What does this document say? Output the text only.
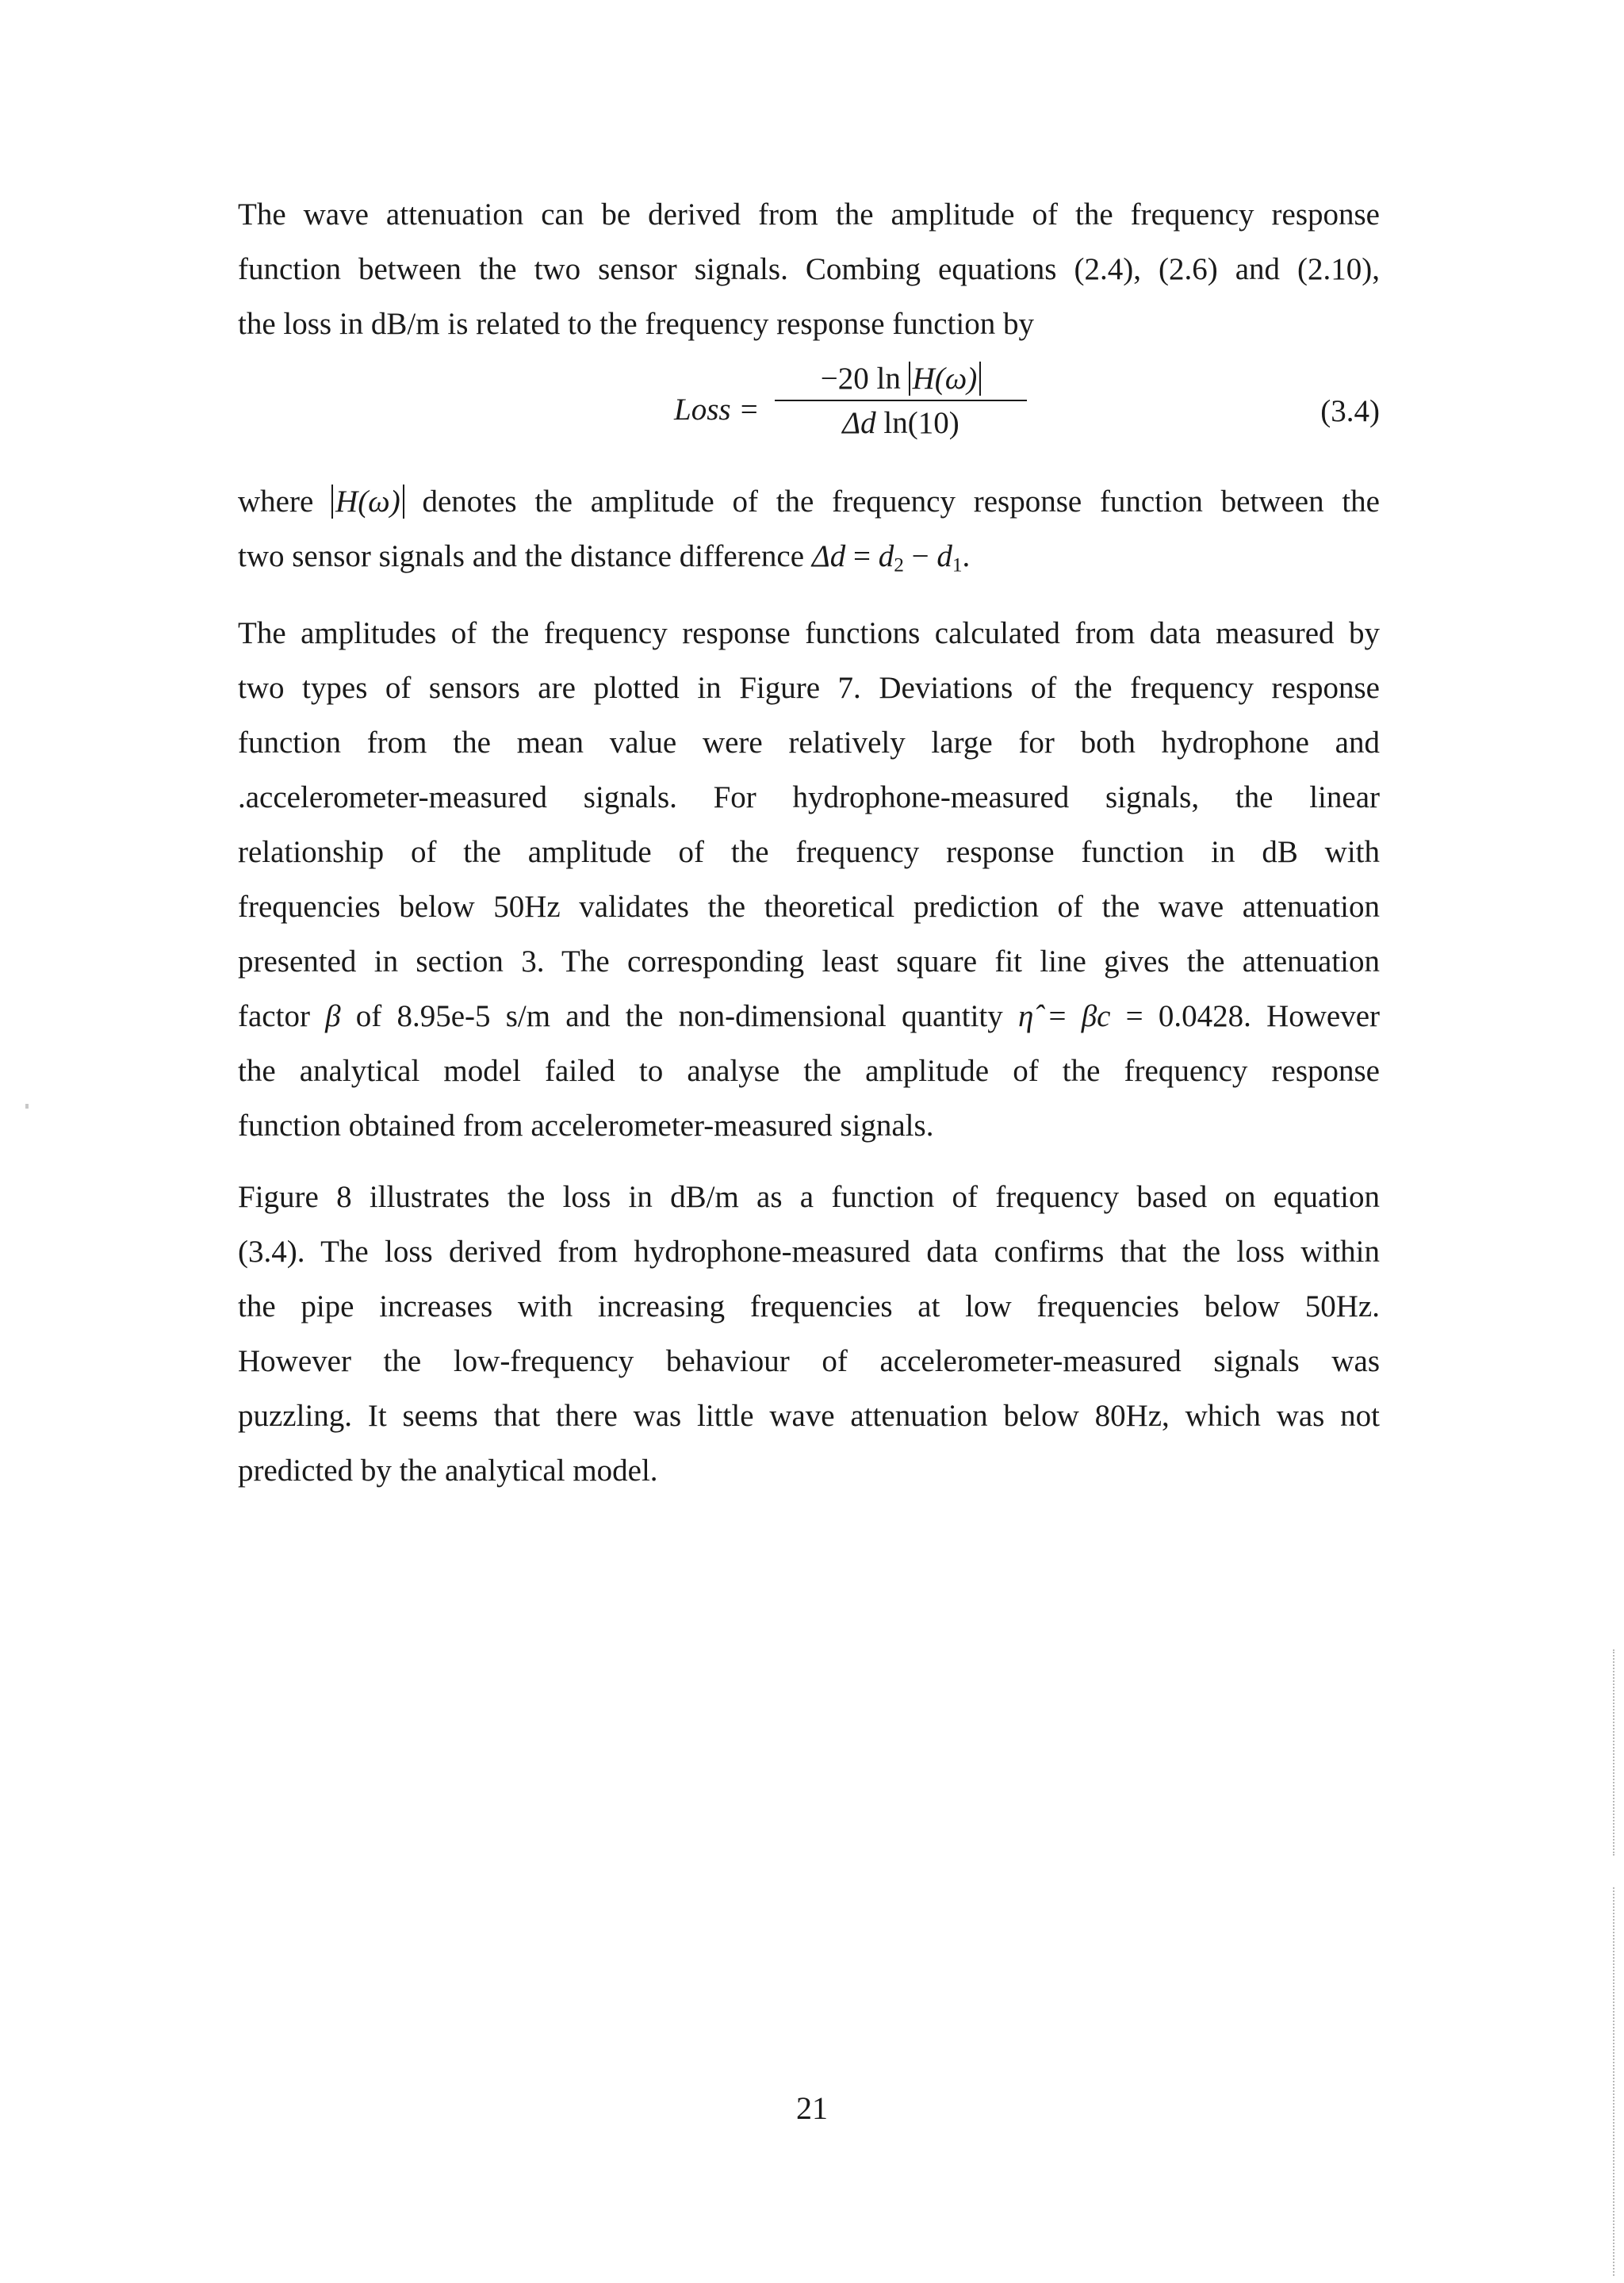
The wave attenuation can be derived from the amplitude of the frequency response
function between the two sensor signals. Combing equations (2.4), (2.6) and (2.10),
the loss in dB/m is related to the frequency response function by
Loss = $\frac{\text{−20 ln H(ω)}}{\text{Δd ln(10)}}$	(3.4)
where H(ω) denotes the amplitude of the frequency response function between the
two sensor signals and the distance difference $\Delta d = d_2 - d_1$.
The amplitudes of the frequency response functions calculated from data measured by
two types of sensors are plotted in Figure 7. Deviations of the frequency response
function from the mean value were relatively large for both hydrophone and
.accelerometer-measured signals. For hydrophone-measured signals, the linear
relationship of the amplitude of the frequency response function in dB with
frequencies below 50Hz validates the theoretical prediction of the wave attenuation
presented in section 3. The corresponding least square fit line gives the attenuation
factor β of 8.95e-5 s/m and the non-dimensional quantity η̂ = βc = 0.0428. However
the analytical model failed to analyse the amplitude of the frequency response
function obtained from accelerometer-measured signals.
Figure 8 illustrates the loss in dB/m as a function of frequency based on equation
(3.4). The loss derived from hydrophone-measured data confirms that the loss within
the pipe increases with increasing frequencies at low frequencies below 50Hz.
However the low-frequency behaviour of accelerometer-measured signals was
puzzling. It seems that there was little wave attenuation below 80Hz, which was not
predicted by the analytical model.
21
